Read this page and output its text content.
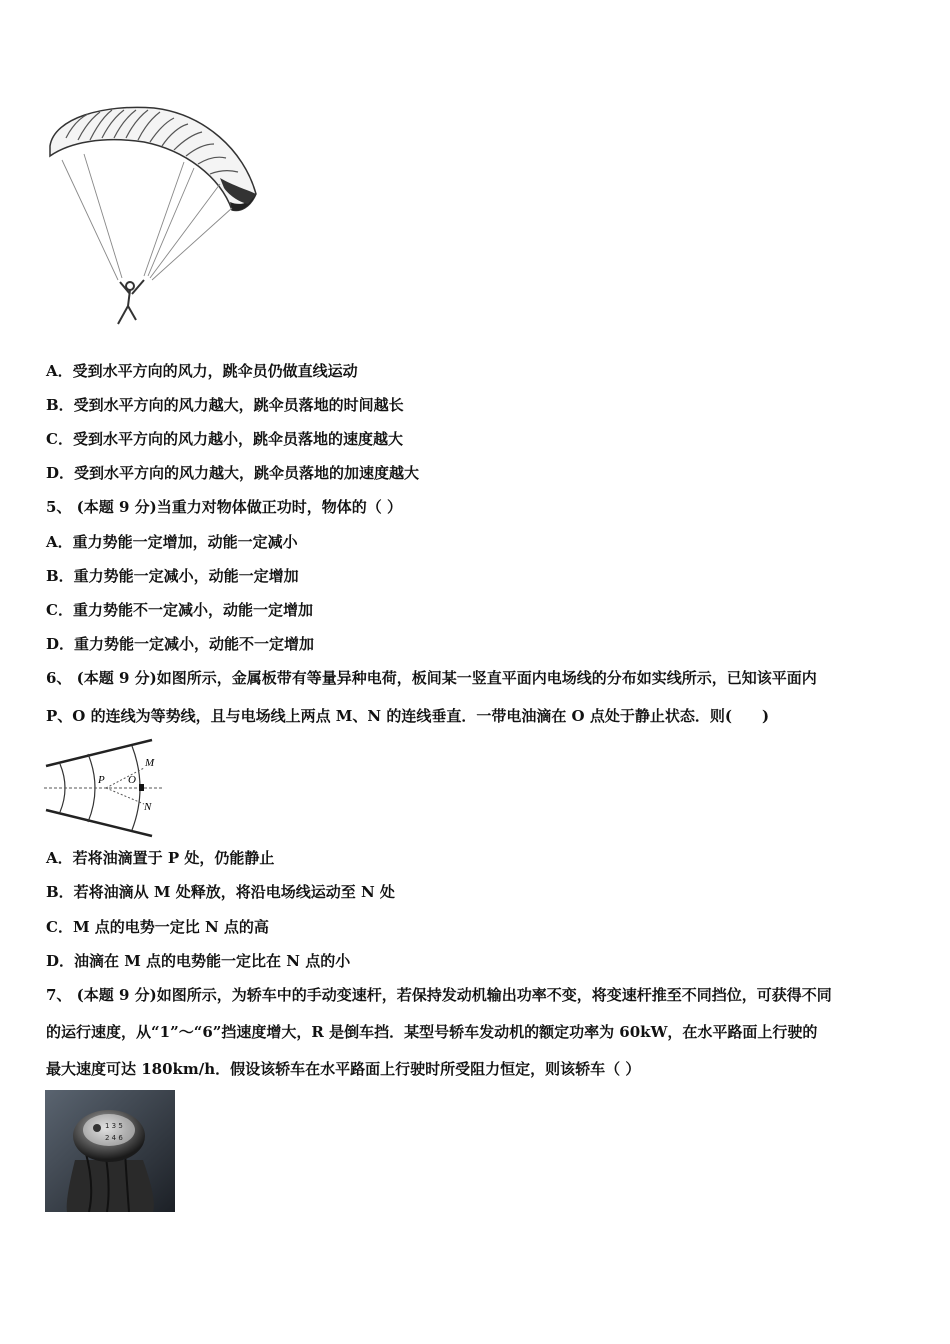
A．受到水平方向的风力，跳伞员仍做直线运动
B．受到水平方向的风力越大，跳伞员落地的时间越长
C．受到水平方向的风力越小，跳伞员落地的速度越大
D．受到水平方向的风力越大，跳伞员落地的加速度越大
5、 (本题 9 分)当重力对物体做正功时，物体的（ ）
A．重力势能一定增加，动能一定减小
B．重力势能一定减小，动能一定增加
C．重力势能不一定减小，动能一定增加
D．重力势能一定减小，动能不一定增加
6、 (本题 9 分)如图所示，金属板带有等量异种电荷，板间某一竖直平面内电场线的分布如实线所示，已知该平面内
P、O 的连线为等势线，且与电场线上两点 M、N 的连线垂直．一带电油滴在 O 点处于静止状态．则(　　)
P O
M
N
A．若将油滴置于 P 处，仍能静止
B．若将油滴从 M 处释放，将沿电场线运动至 N 处
C．M 点的电势一定比 N 点的高
D．油滴在 M 点的电势能一定比在 N 点的小
7、 (本题 9 分)如图所示，为轿车中的手动变速杆，若保持发动机输出功率不变，将变速杆推至不同挡位，可获得不同
的运行速度，从“1”～“6”挡速度增大，R 是倒车挡．某型号轿车发动机的额定功率为 60kW，在水平路面上行驶的
最大速度可达 180km/h．假设该轿车在水平路面上行驶时所受阻力恒定，则该轿车（ ）
1 3 5
2 4 6
